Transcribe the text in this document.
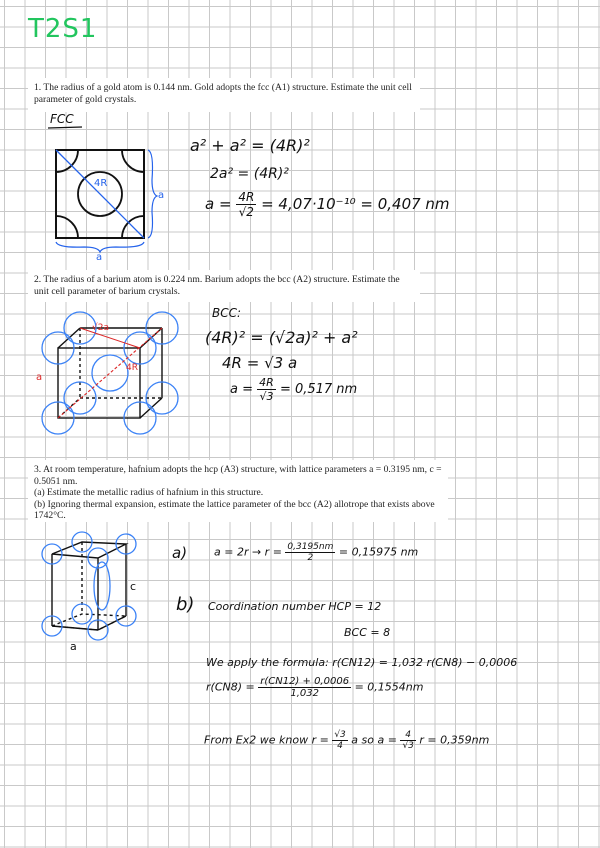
T2S1

1. The radius of a gold atom is 0.144 nm. Gold adopts the fcc (A1) structure. Estimate the unit cell parameter of gold crystals.

FCC
4R
a
a
a² + a² = (4R)²
2a² = (4R)²
$a = \frac{4R}{√2} = 4,07\cdot 10^{-10} = 0,407$ nm

2. The radius of a barium atom is 0.224 nm. Barium adopts the bcc (A2) structure. Estimate the unit cell parameter of barium crystals.

√2a
4R
a
BCC:
(4R)² = (√2a)² + a²
4R = √3 a
$a = \frac{4R}{√3} = 0,517$ nm

3. At room temperature, hafnium adopts the hcp (A3) structure, with lattice parameters a = 0.3195 nm, c = 0.5051 nm.

(a) Estimate the metallic radius of hafnium in this structure.

(b) Ignoring thermal expansion, estimate the lattice parameter of the bcc (A2) allotrope that exists above 1742°C.

a
c
a) $a = 2r \to r = \frac{0,3195nm}{2} = 0,15975$ nm
b) Coordination number HCP = 12
BCC = 8
We apply the formula: r(CN12) = 1,032 r(CN8) − 0,0006
$r(CN8) = \frac{r(CN12) + 0,0006}{1,032} = 0,1554nm$
From Ex2 we know $r = \frac{√3}{4}$ a so $a = \frac{4}{√3}$ r = 0,359nm
